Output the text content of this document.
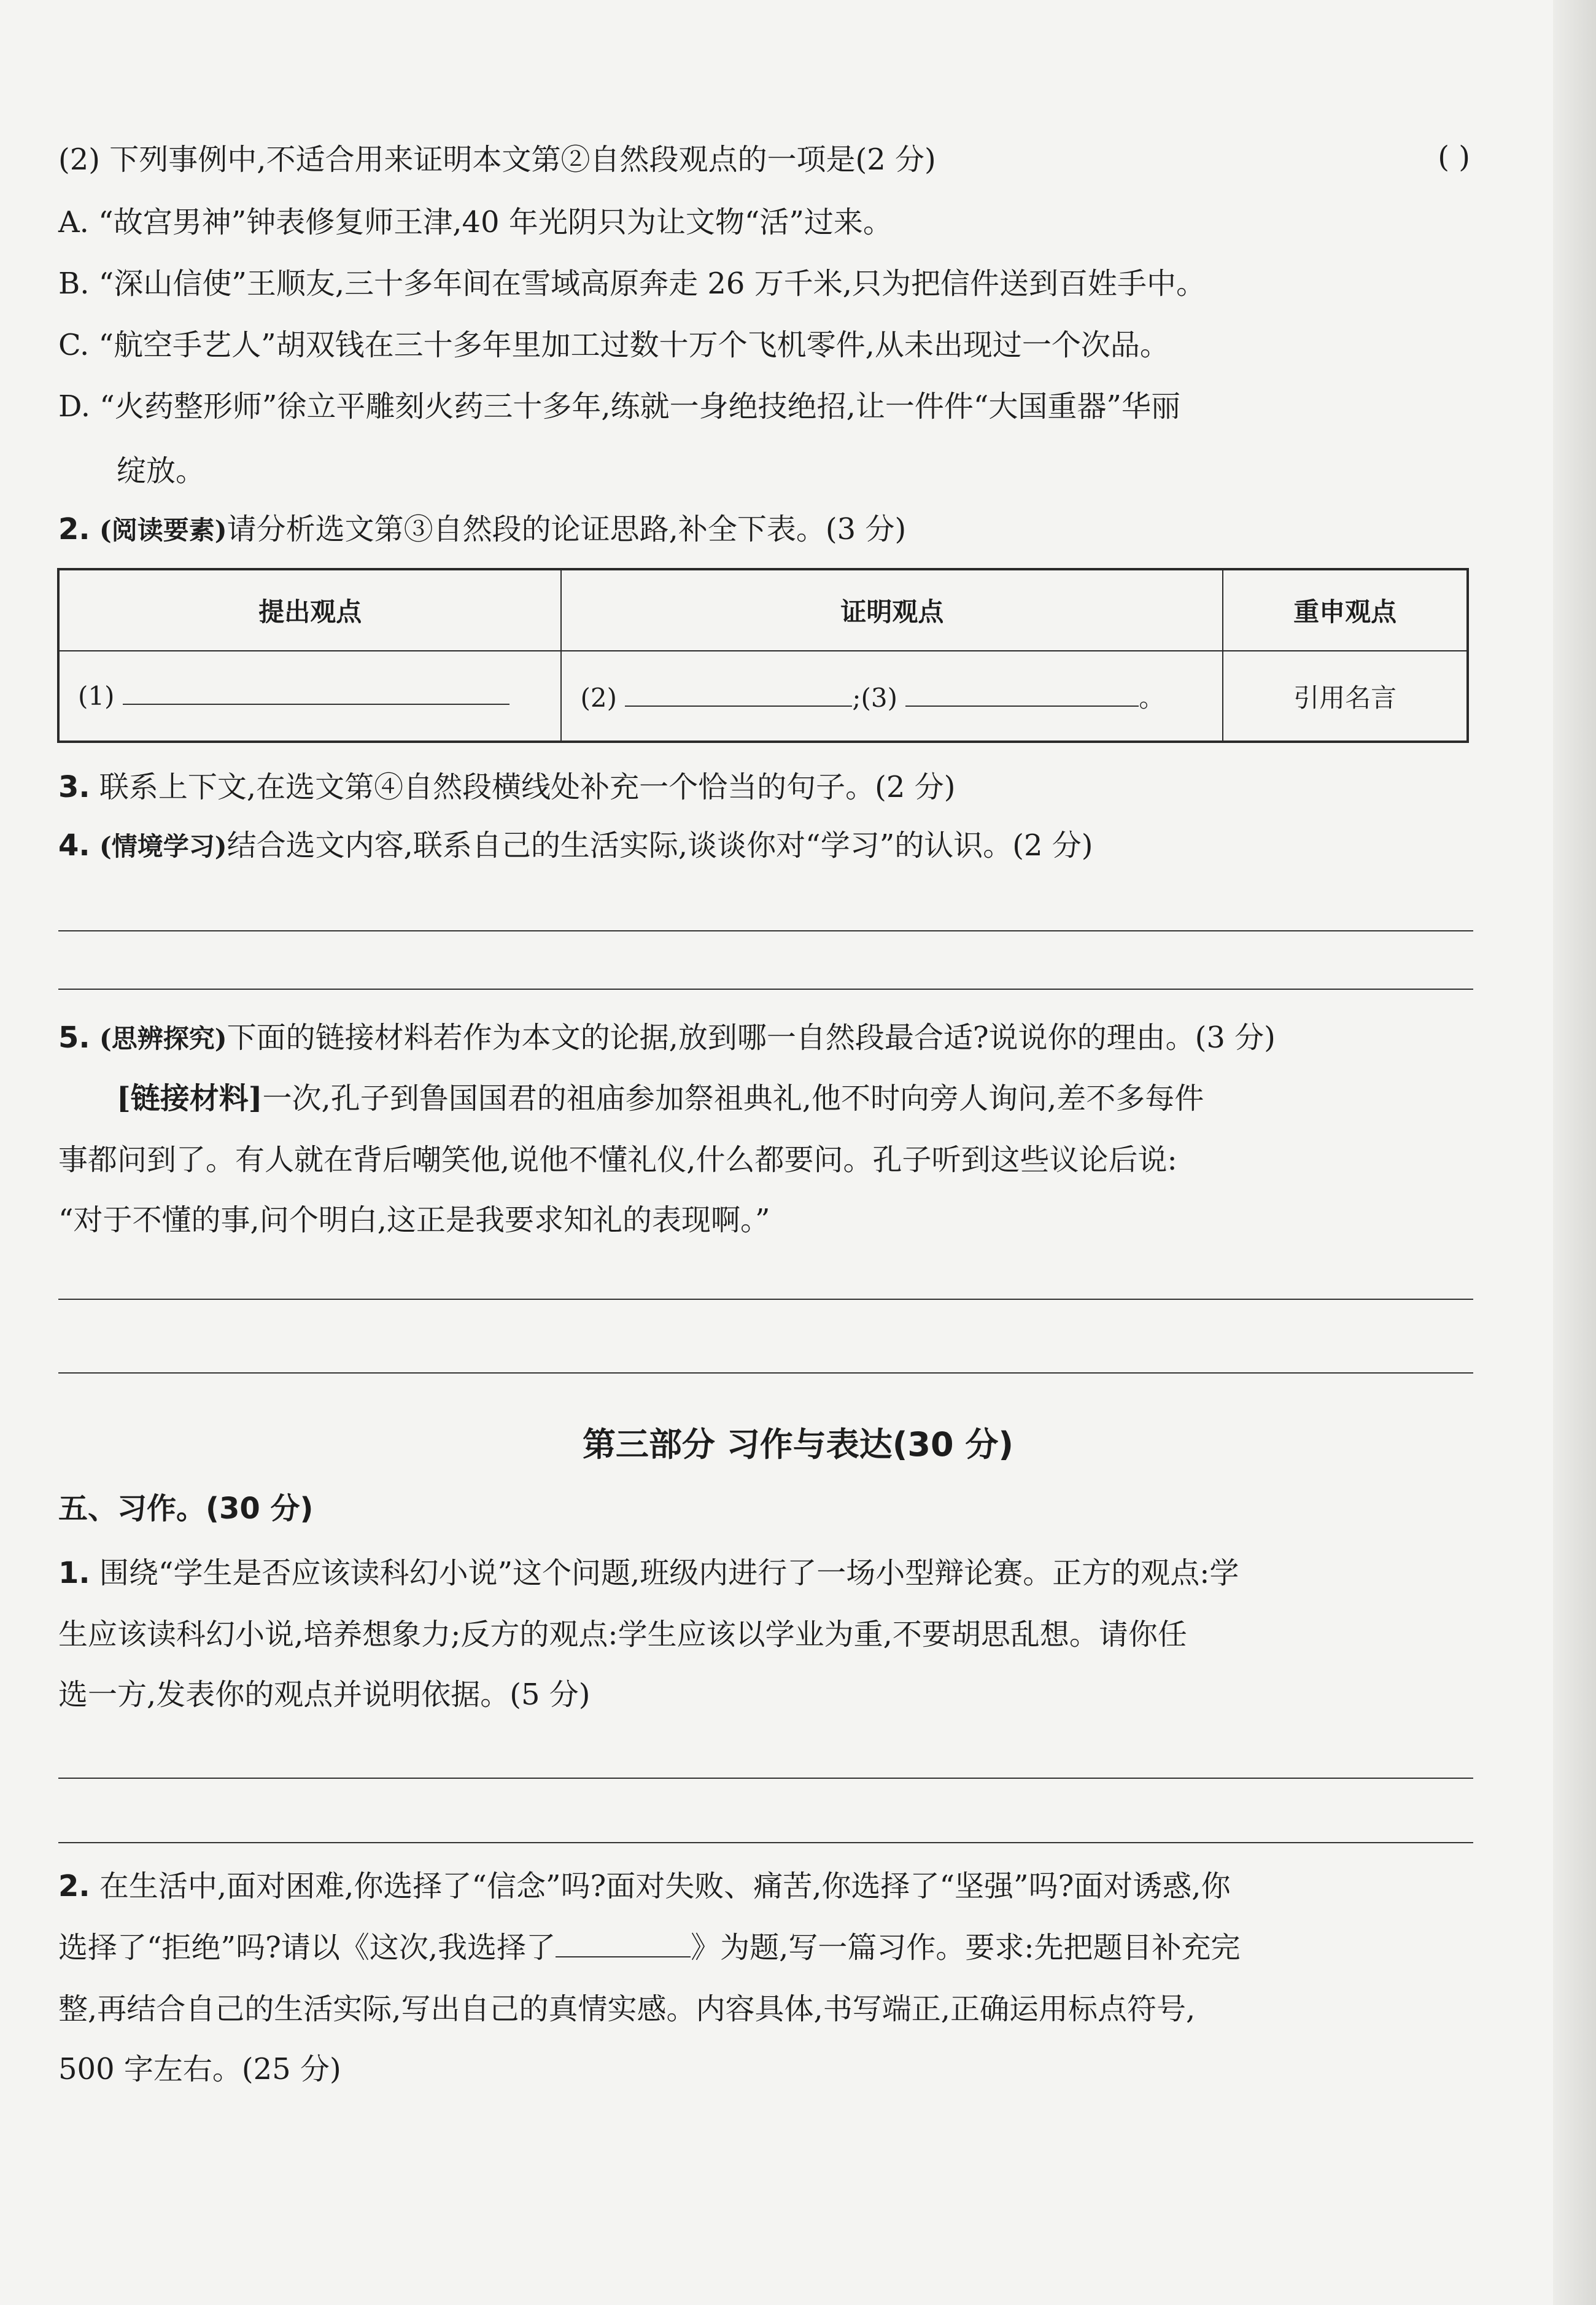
(2) 下列事例中,不适合用来证明本文第②自然段观点的一项是(2 分)	( )
A. “故宫男神”钟表修复师王津,40 年光阴只为让文物“活”过来。
B. “深山信使”王顺友,三十多年间在雪域高原奔走 26 万千米,只为把信件送到百姓手中。
C. “航空手艺人”胡双钱在三十多年里加工过数十万个飞机零件,从未出现过一个次品。
D. “火药整形师”徐立平雕刻火药三十多年,练就一身绝技绝招,让一件件“大国重器”华丽
绽放。
2. (阅读要素)请分析选文第③自然段的论证思路,补全下表。(3 分)
提出观点	证明观点	重申观点
(1)	(2) ;(3) 。	引用名言
3. 联系上下文,在选文第④自然段横线处补充一个恰当的句子。(2 分)
4. (情境学习)结合选文内容,联系自己的生活实际,谈谈你对“学习”的认识。(2 分)
5. (思辨探究)下面的链接材料若作为本文的论据,放到哪一自然段最合适?说说你的理由。(3 分)
[链接材料]一次,孔子到鲁国国君的祖庙参加祭祖典礼,他不时向旁人询问,差不多每件
事都问到了。有人就在背后嘲笑他,说他不懂礼仪,什么都要问。孔子听到这些议论后说:
“对于不懂的事,问个明白,这正是我要求知礼的表现啊。”
第三部分 习作与表达(30 分)
五、习作。(30 分)
1. 围绕“学生是否应该读科幻小说”这个问题,班级内进行了一场小型辩论赛。正方的观点:学
生应该读科幻小说,培养想象力;反方的观点:学生应该以学业为重,不要胡思乱想。请你任
选一方,发表你的观点并说明依据。(5 分)
2. 在生活中,面对困难,你选择了“信念”吗?面对失败、痛苦,你选择了“坚强”吗?面对诱惑,你
选择了“拒绝”吗?请以《这次,我选择了	》为题,写一篇习作。要求:先把题目补充完
整,再结合自己的生活实际,写出自己的真情实感。内容具体,书写端正,正确运用标点符号,
500 字左右。(25 分)
